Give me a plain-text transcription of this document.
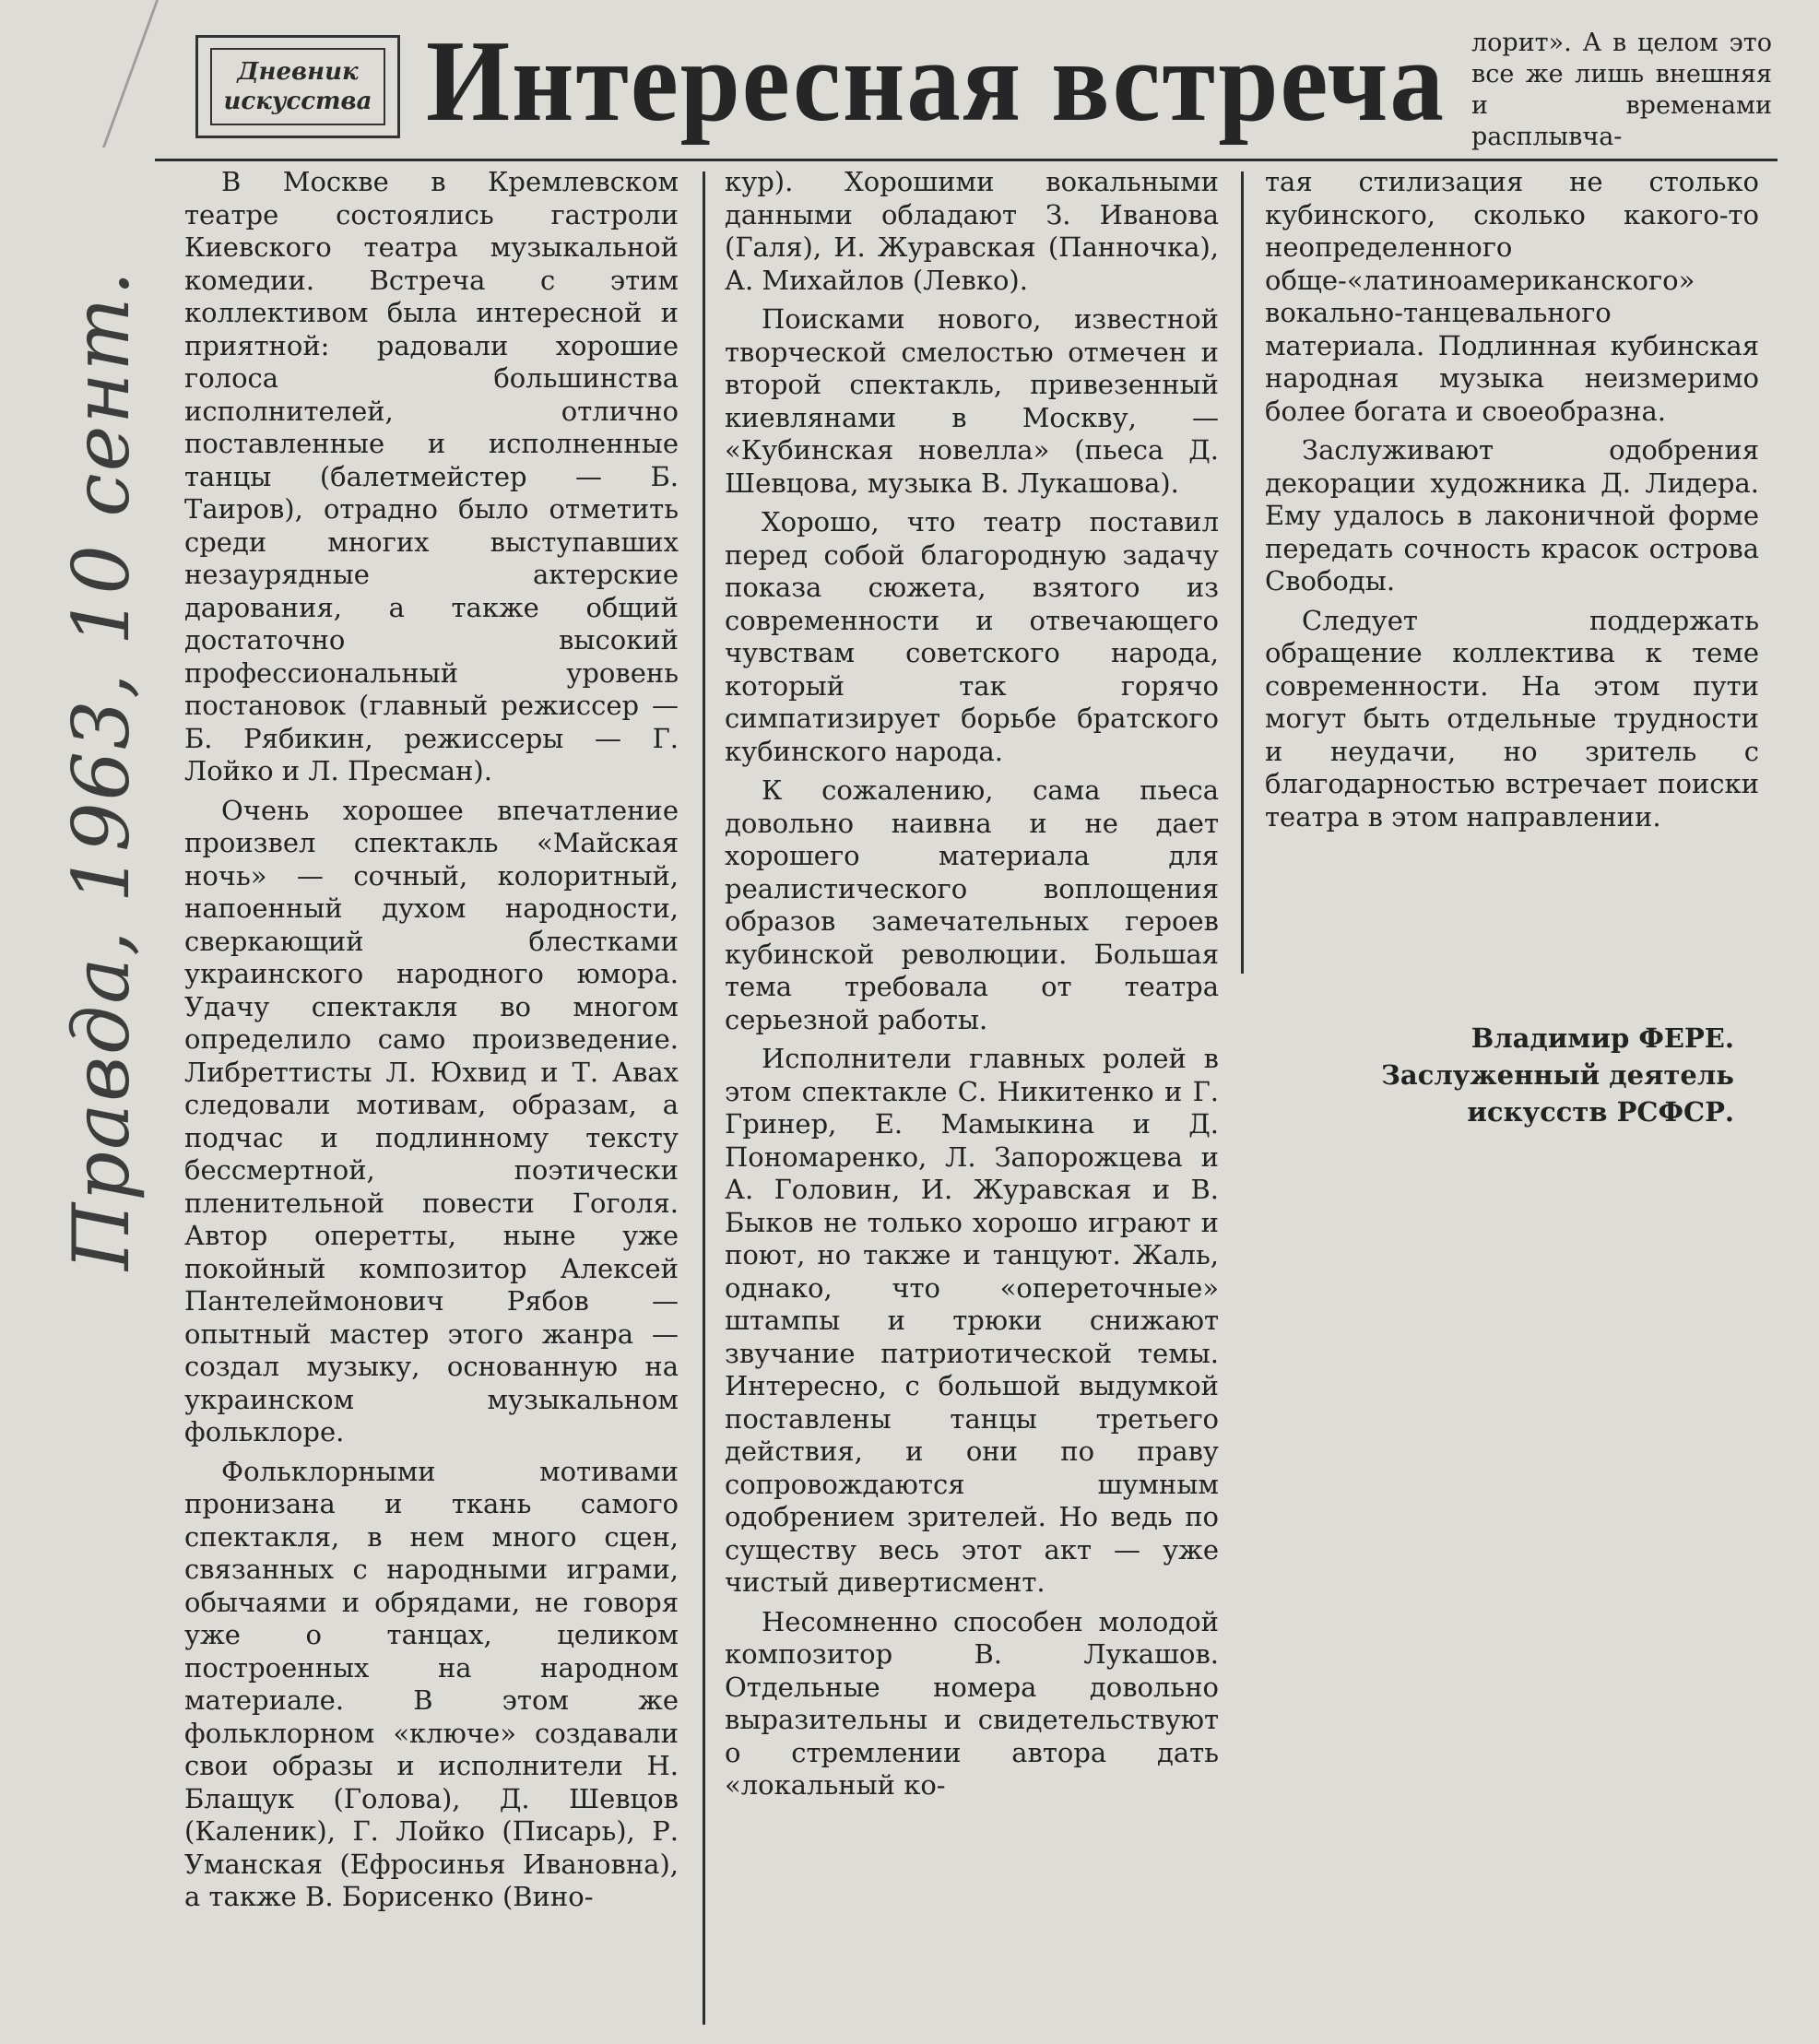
Правда, 1963, 10 сент.
Дневник
искусства Интересная встреча лорит». А в целом это все же лишь внешняя и временами расплывча-

В Москве в Кремлевском театре состоялись гастроли Киевского театра музыкальной комедии. Встреча с этим коллективом была интересной и приятной: радовали хорошие голоса большинства исполнителей, отлично поставленные и исполненные танцы (балетмейстер — Б. Таиров), отрадно было отметить среди многих выступавших незаурядные актерские дарования, а также общий достаточно высокий профессиональный уровень постановок (главный режиссер — Б. Рябикин, режиссеры — Г. Лойко и Л. Пресман).

Очень хорошее впечатление произвел спектакль «Майская ночь» — сочный, колоритный, напоенный духом народности, сверкающий блестками украинского народного юмора. Удачу спектакля во многом определило само произведение. Либреттисты Л. Юхвид и Т. Авах следовали мотивам, образам, а подчас и подлинному тексту бессмертной, поэтически пленительной повести Гоголя. Автор оперетты, ныне уже покойный композитор Алексей Пантелеймонович Рябов — опытный мастер этого жанра — создал музыку, основанную на украинском музыкальном фольклоре.

Фольклорными мотивами пронизана и ткань самого спектакля, в нем много сцен, связанных с народными играми, обычаями и обрядами, не говоря уже о танцах, целиком построенных на народном материале. В этом же фольклорном «ключе» создавали свои образы и исполнители Н. Блащук (Голова), Д. Шевцов (Каленик), Г. Лойко (Писарь), Р. Уманская (Ефросинья Ивановна), а также В. Борисенко (Вино-

кур). Хорошими вокальными данными обладают З. Иванова (Галя), И. Журавская (Панночка), А. Михайлов (Левко).

Поисками нового, известной творческой смелостью отмечен и второй спектакль, привезенный киевлянами в Москву, — «Кубинская новелла» (пьеса Д. Шевцова, музыка В. Лукашова).

Хорошо, что театр поставил перед собой благородную задачу показа сюжета, взятого из современности и отвечающего чувствам советского народа, который так горячо симпатизирует борьбе братского кубинского народа.

К сожалению, сама пьеса довольно наивна и не дает хорошего материала для реалистического воплощения образов замечательных героев кубинской революции. Большая тема требовала от театра серьезной работы.

Исполнители главных ролей в этом спектакле С. Никитенко и Г. Гринер, Е. Мамыкина и Д. Пономаренко, Л. Запорожцева и А. Головин, И. Журавская и В. Быков не только хорошо играют и поют, но также и танцуют. Жаль, однако, что «опереточные» штампы и трюки снижают звучание патриотической темы. Интересно, с большой выдумкой поставлены танцы третьего действия, и они по праву сопровождаются шумным одобрением зрителей. Но ведь по существу весь этот акт — уже чистый дивертисмент.

Несомненно способен молодой композитор В. Лукашов. Отдельные номера довольно выразительны и свидетельствуют о стремлении автора дать «локальный ко-

тая стилизация не столько кубинского, сколько какого-то неопределенного обще-«латиноамериканского» вокально-танцевального материала. Подлинная кубинская народная музыка неизмеримо более богата и своеобразна.

Заслуживают одобрения декорации художника Д. Лидера. Ему удалось в лаконичной форме передать сочность красок острова Свободы.

Следует поддержать обращение коллектива к теме современности. На этом пути могут быть отдельные трудности и неудачи, но зритель с благодарностью встречает поиски театра в этом направлении.

Владимир ФЕРЕ.
Заслуженный деятель
искусств РСФСР.
